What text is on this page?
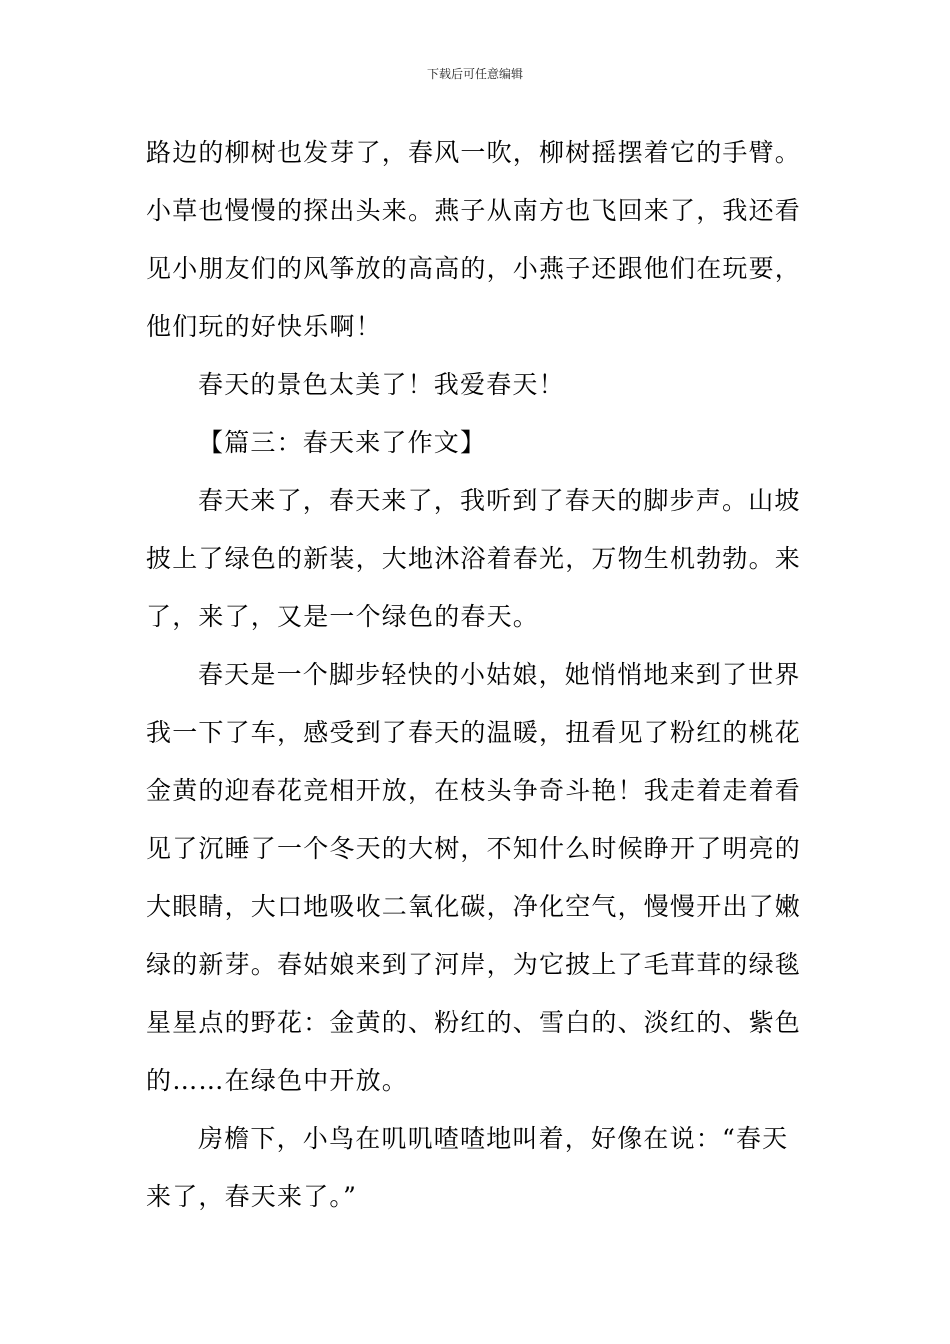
下载后可任意编辑
路边的柳树也发芽了，春风一吹，柳树摇摆着它的手臂。
小草也慢慢的探出头来。燕子从南方也飞回来了，我还看
见小朋友们的风筝放的高高的，小燕子还跟他们在玩要，
他们玩的好快乐啊！
春天的景色太美了！我爱春天！
【篇三：春天来了作文】
春天来了，春天来了，我听到了春天的脚步声。山坡
披上了绿色的新装，大地沐浴着春光，万物生机勃勃。来
了，来了，又是一个绿色的春天。
春天是一个脚步轻快的小姑娘，她悄悄地来到了世界
我一下了车，感受到了春天的温暖，扭看见了粉红的桃花
金黄的迎春花竞相开放，在枝头争奇斗艳！我走着走着看
见了沉睡了一个冬天的大树，不知什么时候睁开了明亮的
大眼睛，大口地吸收二氧化碳，净化空气，慢慢开出了嫩
绿的新芽。春姑娘来到了河岸，为它披上了毛茸茸的绿毯
星星点的野花：金黄的、粉红的、雪白的、淡红的、紫色
的……在绿色中开放。
房檐下，小鸟在叽叽喳喳地叫着，好像在说：“春天
来了，春天来了。”
